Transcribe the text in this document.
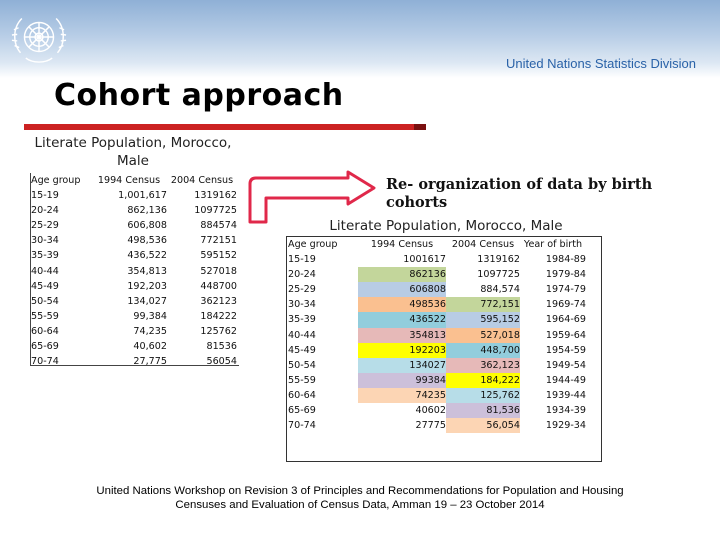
United Nations Statistics Division
Cohort approach
Literate Population, Morocco, Male
Age group	1994 Census	2004 Census
15-19	1,001,617	1319162
20-24	862,136	1097725
25-29	606,808	884574
30-34	498,536	772151
35-39	436,522	595152
40-44	354,813	527018
45-49	192,203	448700
50-54	134,027	362123
55-59	99,384	184222
60-64	74,235	125762
65-69	40,602	81536
70-74	27,775	56054
Re- organization of data by birth cohorts
Literate Population, Morocco, Male
Age group	1994 Census	2004 Census	Year of birth
15-19	1001617	1319162	1984-89
20-24	862136	1097725	1979-84
25-29	606808	884,574	1974-79
30-34	498536	772,151	1969-74
35-39	436522	595,152	1964-69
40-44	354813	527,018	1959-64
45-49	192203	448,700	1954-59
50-54	134027	362,123	1949-54
55-59	99384	184,222	1944-49
60-64	74235	125,762	1939-44
65-69	40602	81,536	1934-39
70-74	27775	56,054	1929-34
United Nations Workshop on Revision 3 of Principles and Recommendations for Population and Housing
Censuses and Evaluation of Census Data, Amman 19 – 23 October 2014
